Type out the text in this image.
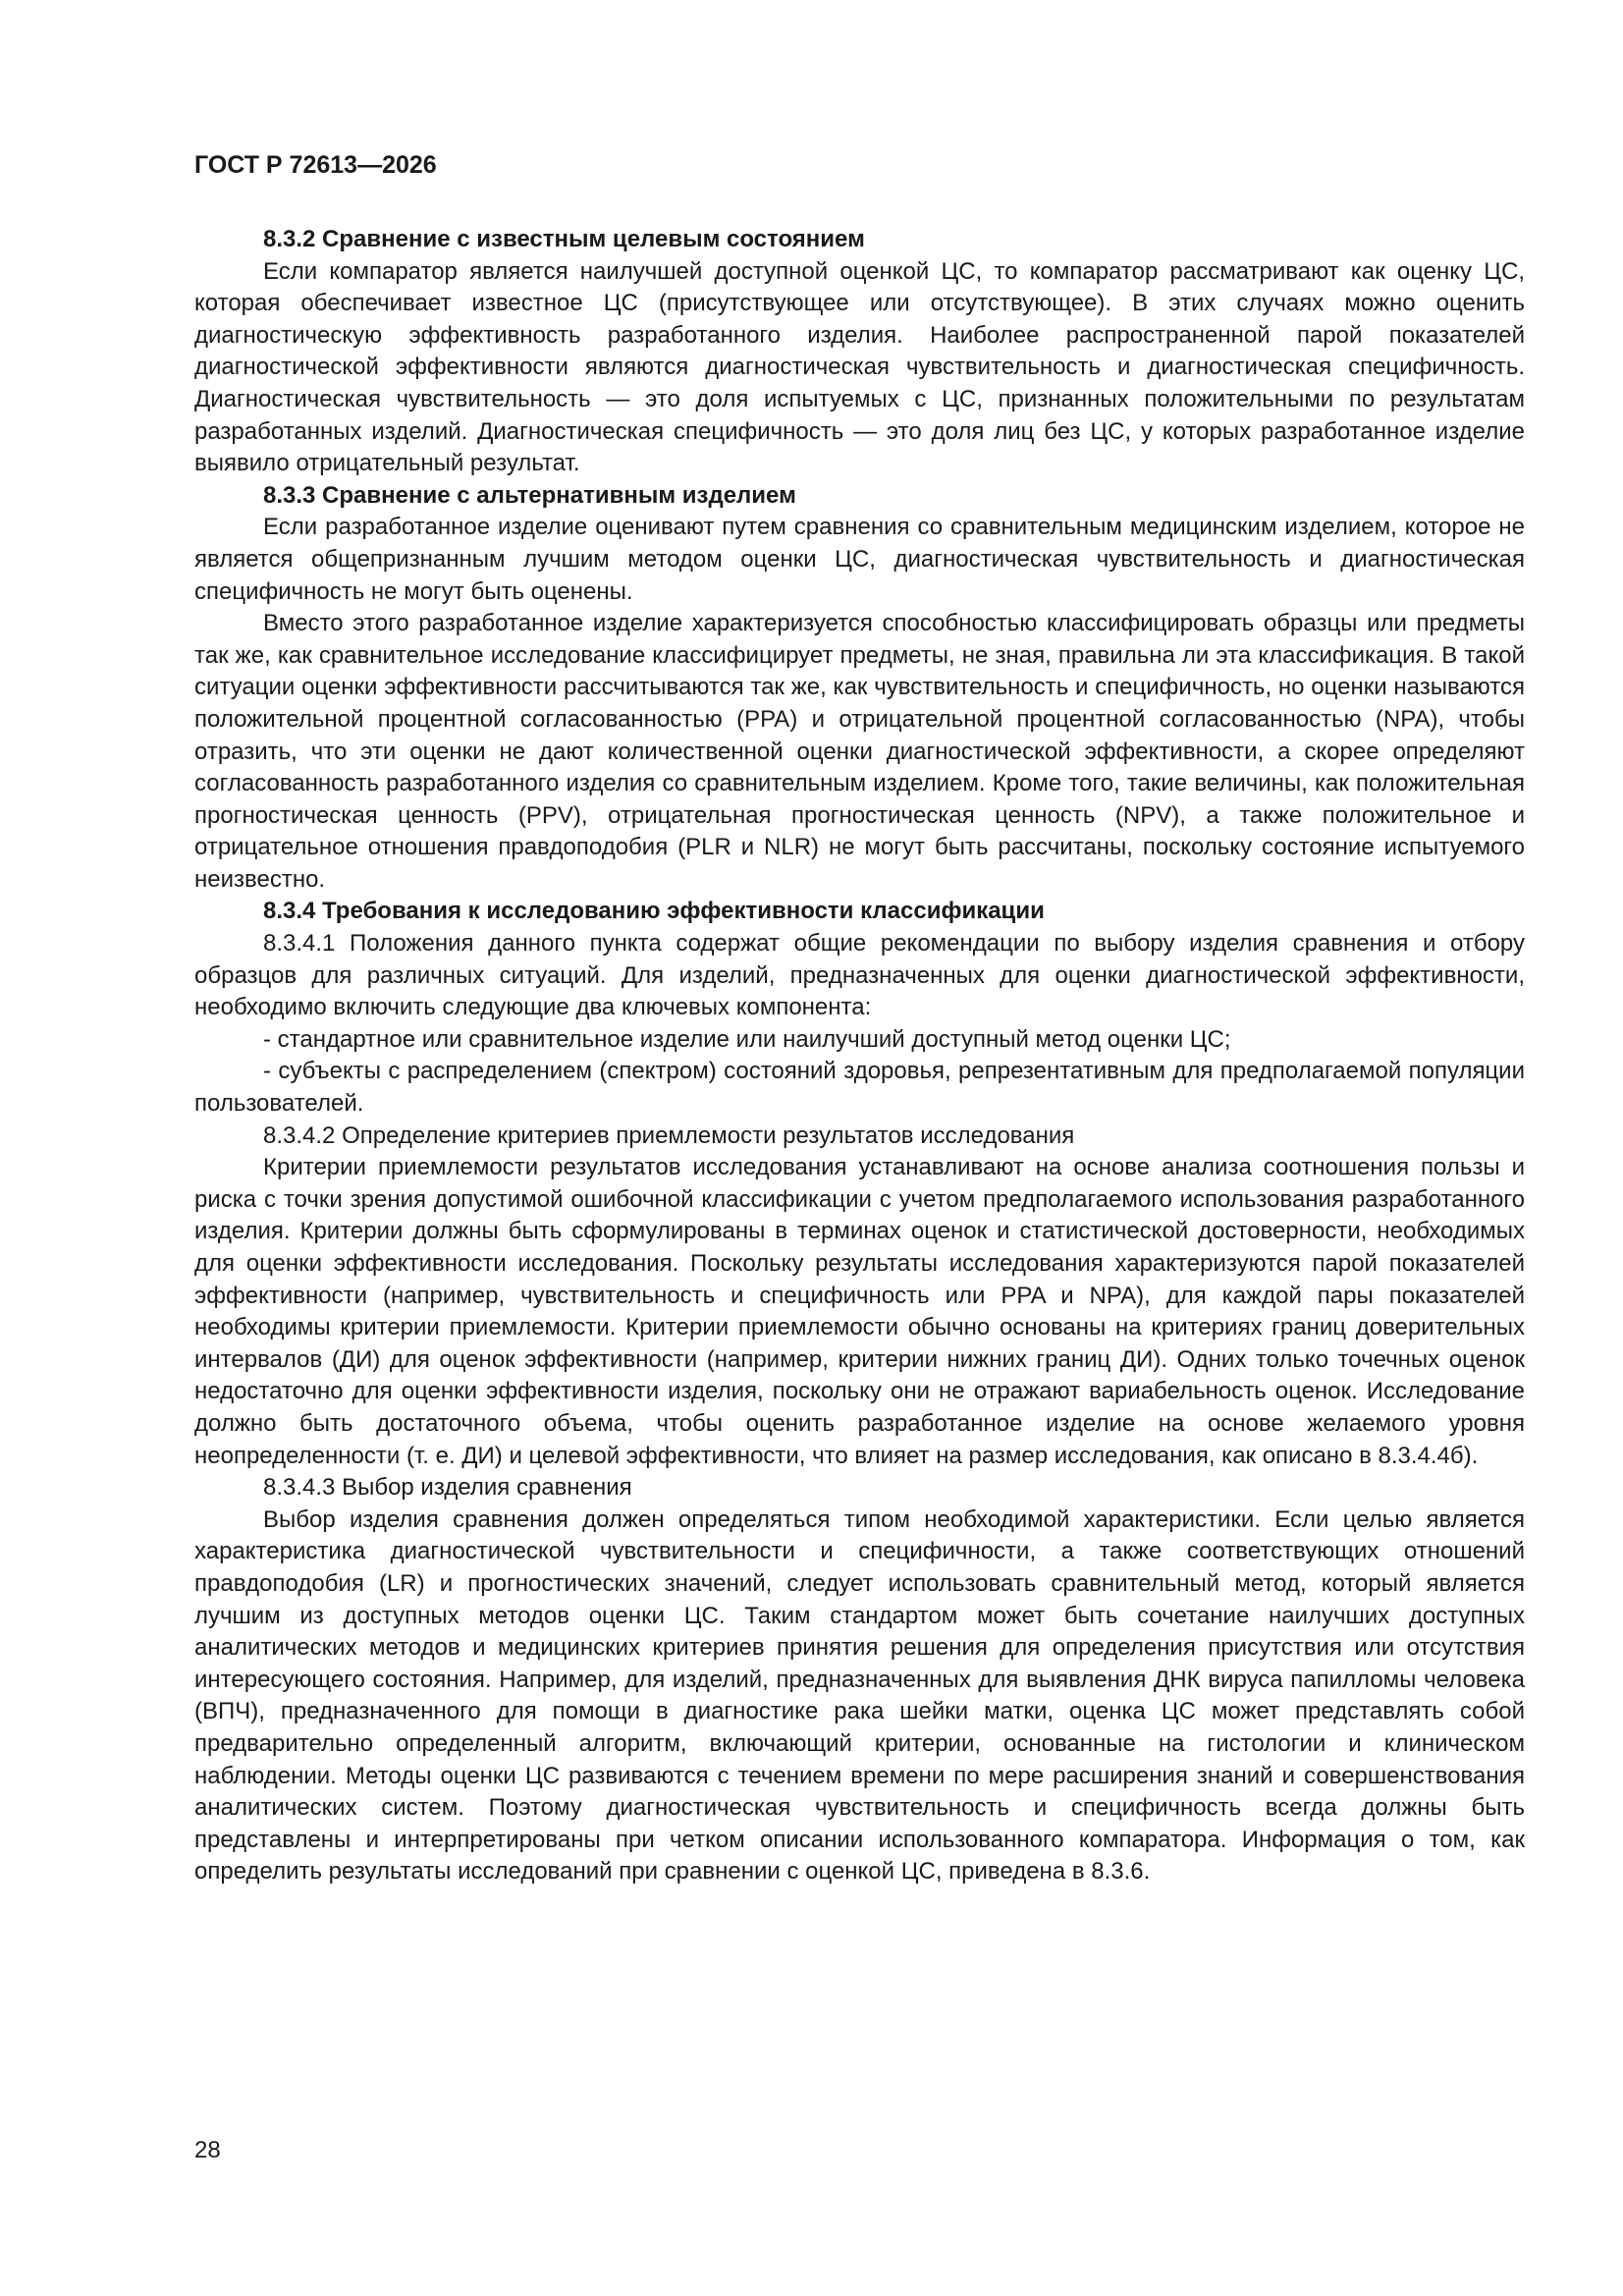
ГОСТ Р 72613—2026

8.3.2 Сравнение с известным целевым состоянием

Если компаратор является наилучшей доступной оценкой ЦС, то компаратор рассматривают как оценку ЦС, которая обеспечивает известное ЦС (присутствующее или отсутствующее). В этих случаях можно оценить диагностическую эффективность разработанного изделия. Наиболее распространенной парой показателей диагностической эффективности являются диагностическая чувствительность и диагностическая специфичность. Диагностическая чувствительность — это доля испытуемых с ЦС, признанных положительными по результатам разработанных изделий. Диагностическая специфичность — это доля лиц без ЦС, у которых разработанное изделие выявило отрицательный результат.

8.3.3 Сравнение с альтернативным изделием

Если разработанное изделие оценивают путем сравнения со сравнительным медицинским изделием, которое не является общепризнанным лучшим методом оценки ЦС, диагностическая чувствительность и диагностическая специфичность не могут быть оценены.

Вместо этого разработанное изделие характеризуется способностью классифицировать образцы или предметы так же, как сравнительное исследование классифицирует предметы, не зная, правильна ли эта классификация. В такой ситуации оценки эффективности рассчитываются так же, как чувствительность и специфичность, но оценки называются положительной процентной согласованностью (PPA) и отрицательной процентной согласованностью (NPA), чтобы отразить, что эти оценки не дают количественной оценки диагностической эффективности, а скорее определяют согласованность разработанного изделия со сравнительным изделием. Кроме того, такие величины, как положительная прогностическая ценность (PPV), отрицательная прогностическая ценность (NPV), а также положительное и отрицательное отношения правдоподобия (PLR и NLR) не могут быть рассчитаны, поскольку состояние испытуемого неизвестно.

8.3.4 Требования к исследованию эффективности классификации

8.3.4.1 Положения данного пункта содержат общие рекомендации по выбору изделия сравнения и отбору образцов для различных ситуаций. Для изделий, предназначенных для оценки диагностической эффективности, необходимо включить следующие два ключевых компонента:

- стандартное или сравнительное изделие или наилучший доступный метод оценки ЦС;

- субъекты с распределением (спектром) состояний здоровья, репрезентативным для предполагаемой популяции пользователей.

8.3.4.2 Определение критериев приемлемости результатов исследования

Критерии приемлемости результатов исследования устанавливают на основе анализа соотношения пользы и риска с точки зрения допустимой ошибочной классификации с учетом предполагаемого использования разработанного изделия. Критерии должны быть сформулированы в терминах оценок и статистической достоверности, необходимых для оценки эффективности исследования. Поскольку результаты исследования характеризуются парой показателей эффективности (например, чувствительность и специфичность или PPA и NPA), для каждой пары показателей необходимы критерии приемлемости. Критерии приемлемости обычно основаны на критериях границ доверительных интервалов (ДИ) для оценок эффективности (например, критерии нижних границ ДИ). Одних только точечных оценок недостаточно для оценки эффективности изделия, поскольку они не отражают вариабельность оценок. Исследование должно быть достаточного объема, чтобы оценить разработанное изделие на основе желаемого уровня неопределенности (т. е. ДИ) и целевой эффективности, что влияет на размер исследования, как описано в 8.3.4.4б).

8.3.4.3 Выбор изделия сравнения

Выбор изделия сравнения должен определяться типом необходимой характеристики. Если целью является характеристика диагностической чувствительности и специфичности, а также соответствующих отношений правдоподобия (LR) и прогностических значений, следует использовать сравнительный метод, который является лучшим из доступных методов оценки ЦС. Таким стандартом может быть сочетание наилучших доступных аналитических методов и медицинских критериев принятия решения для определения присутствия или отсутствия интересующего состояния. Например, для изделий, предназначенных для выявления ДНК вируса папилломы человека (ВПЧ), предназначенного для помощи в диагностике рака шейки матки, оценка ЦС может представлять собой предварительно определенный алгоритм, включающий критерии, основанные на гистологии и клиническом наблюдении. Методы оценки ЦС развиваются с течением времени по мере расширения знаний и совершенствования аналитических систем. Поэтому диагностическая чувствительность и специфичность всегда должны быть представлены и интерпретированы при четком описании использованного компаратора. Информация о том, как определить результаты исследований при сравнении с оценкой ЦС, приведена в 8.3.6.

28
